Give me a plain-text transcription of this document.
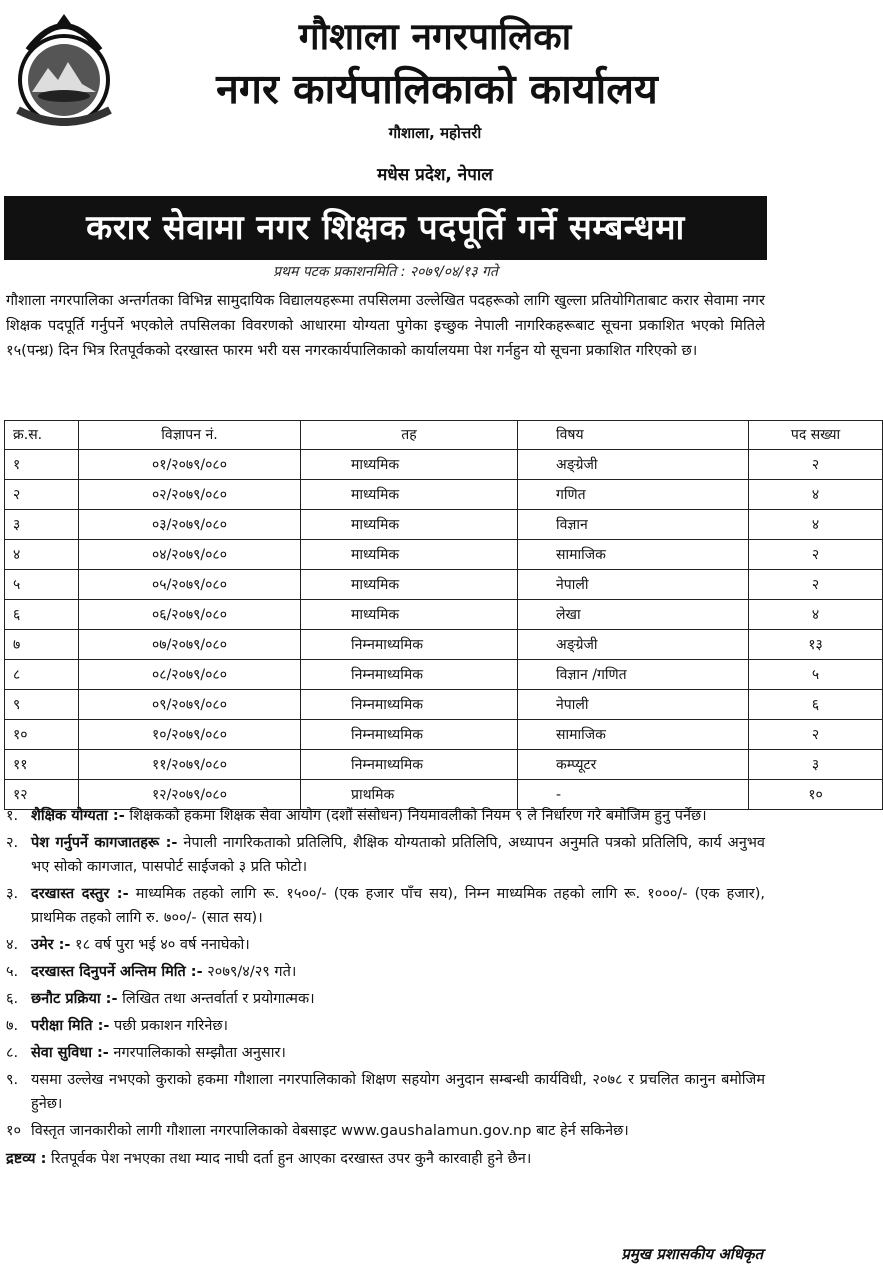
गौशाला नगरपालिका
नगर कार्यपालिकाको कार्यालय
गौशाला, महोत्तरी
मधेस प्रदेश, नेपाल
करार सेवामा नगर शिक्षक पदपूर्ति गर्ने सम्बन्धमा
प्रथम पटक प्रकाशनमिति : २०७९/०४/१३ गते
गौशाला नगरपालिका अन्तर्गतका विभिन्न सामुदायिक विद्यालयहरूमा तपसिलमा उल्लेखित पदहरूको लागि खुल्ला प्रतियोगिताबाट करार सेवामा नगर शिक्षक पदपूर्ति गर्नुपर्ने भएकोले तपसिलका विवरणको आधारमा योग्यता पुगेका इच्छुक नेपाली नागरिकहरूबाट सूचना प्रकाशित भएको मितिले १५(पन्ध्र) दिन भित्र रितपूर्वकको दरखास्त फारम भरी यस नगरकार्यपालिकाको कार्यालयमा पेश गर्नहुन यो सूचना प्रकाशित गरिएको छ।
क्र.स.	विज्ञापन नं.	तह	विषय	पद सख्या
१	०१/२०७९/०८०	माध्यमिक	अङ्ग्रेजी	२
२	०२/२०७९/०८०	माध्यमिक	गणित	४
३	०३/२०७९/०८०	माध्यमिक	विज्ञान	४
४	०४/२०७९/०८०	माध्यमिक	सामाजिक	२
५	०५/२०७९/०८०	माध्यमिक	नेपाली	२
६	०६/२०७९/०८०	माध्यमिक	लेखा	४
७	०७/२०७९/०८०	निम्नमाध्यमिक	अङ्ग्रेजी	१३
८	०८/२०७९/०८०	निम्नमाध्यमिक	विज्ञान /गणित	५
९	०९/२०७९/०८०	निम्नमाध्यमिक	नेपाली	६
१०	१०/२०७९/०८०	निम्नमाध्यमिक	सामाजिक	२
११	११/२०७९/०८०	निम्नमाध्यमिक	कम्प्यूटर	३
१२	१२/२०७९/०८०	प्राथमिक	-	१०
१. शैक्षिक योग्यता :- शिक्षकको हकमा शिक्षक सेवा आयोग (दशौं संसोधन) नियमावलीको नियम ९ ले निर्धारण गरे बमोजिम हुनु पर्नेछ।
२. पेश गर्नुपर्ने कागजातहरू :- नेपाली नागरिकताको प्रतिलिपि, शैक्षिक योग्यताको प्रतिलिपि, अध्यापन अनुमति पत्रको प्रतिलिपि, कार्य अनुभव भए सोको कागजात, पासपोर्ट साईजको ३ प्रति फोटो।
३. दरखास्त दस्तुर :- माध्यमिक तहको लागि रू. १५००/- (एक हजार पाँच सय), निम्न माध्यमिक तहको लागि रू. १०००/- (एक हजार), प्राथमिक तहको लागि रु. ७००/- (सात सय)।
४. उमेर :- १८ वर्ष पुरा भई ४० वर्ष ननाघेको।
५. दरखास्त दिनुपर्ने अन्तिम मिति :- २०७९/४/२९ गते।
६. छनौट प्रक्रिया :- लिखित तथा अन्तर्वार्ता र प्रयोगात्मक।
७. परीक्षा मिति :- पछी प्रकाशन गरिनेछ।
८. सेवा सुविधा :- नगरपालिकाको सम्झौता अनुसार।
९. यसमा उल्लेख नभएको कुराको हकमा गौशाला नगरपालिकाको शिक्षण सहयोग अनुदान सम्बन्धी कार्यविधी, २०७८ र प्रचलित कानुन बमोजिम हुनेछ।
१० विस्तृत जानकारीको लागी गौशाला नगरपालिकाको वेबसाइट www.gaushalamun.gov.np बाट हेर्न सकिनेछ।
द्रष्टव्य : रितपूर्वक पेश नभएका तथा म्याद नाघी दर्ता हुन आएका दरखास्त उपर कुनै कारवाही हुने छैन।
प्रमुख प्रशासकीय अधिकृत
